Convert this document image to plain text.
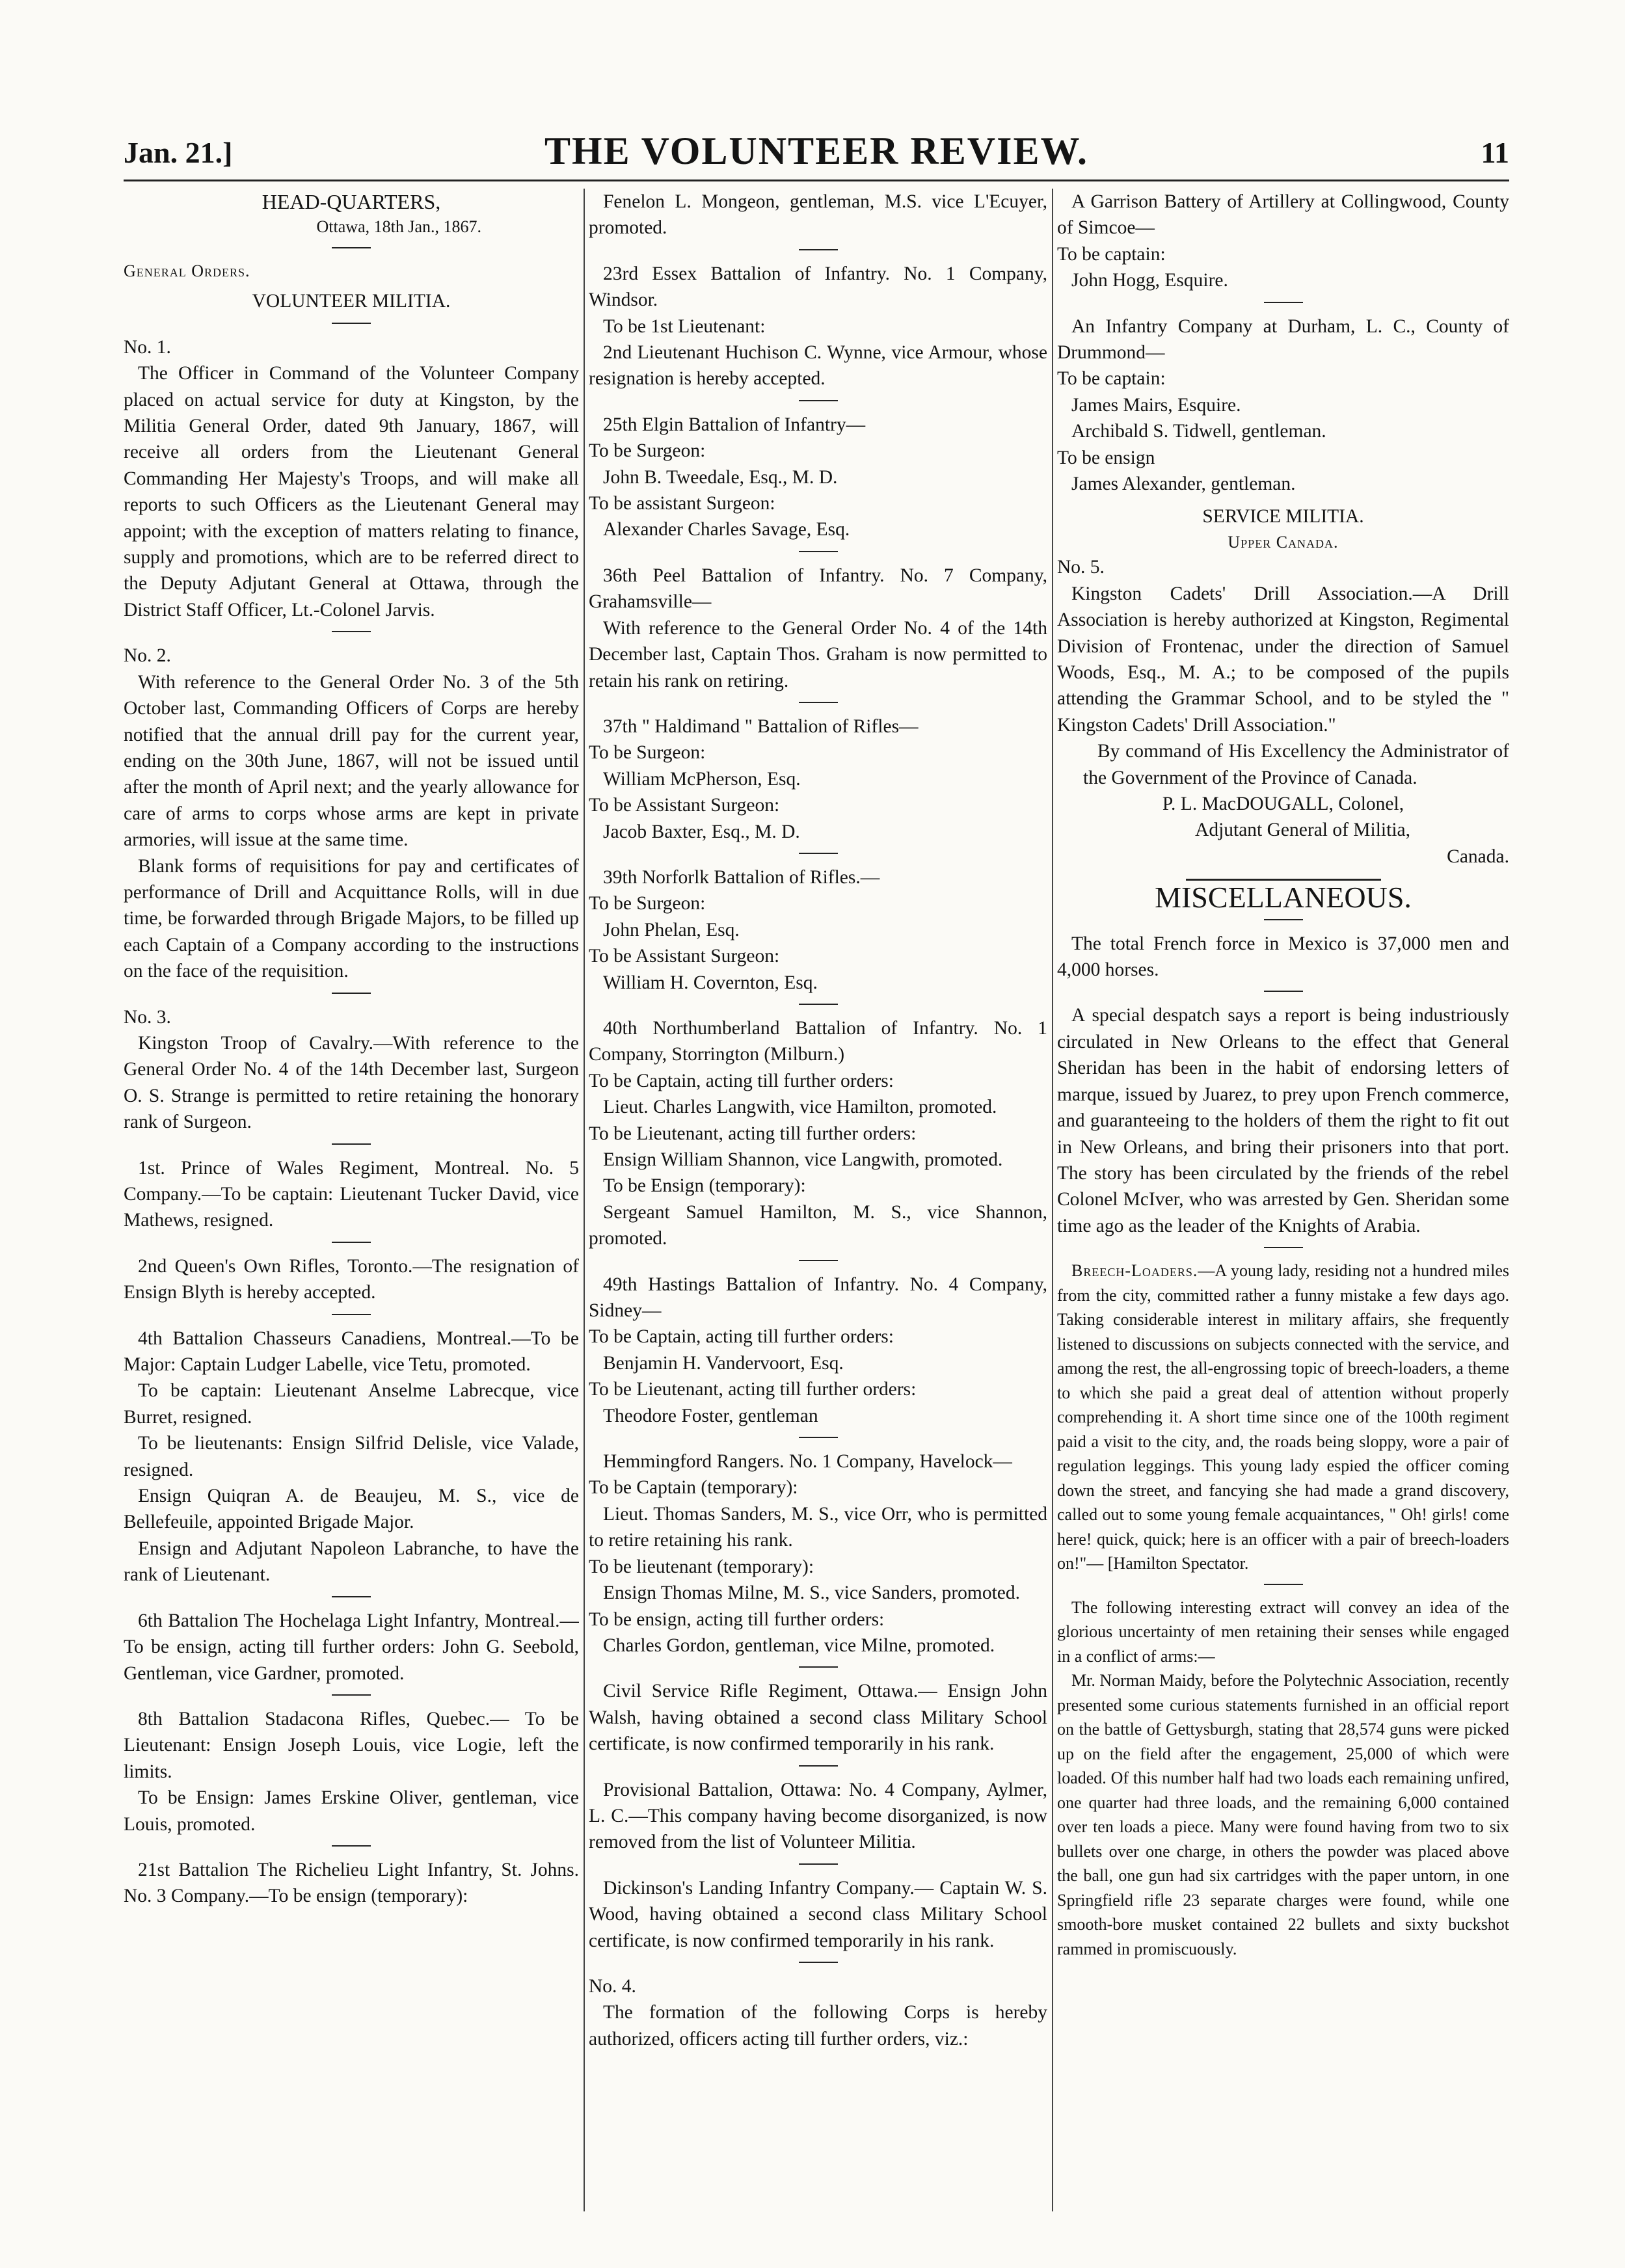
Jan. 21.]	THE VOLUNTEER REVIEW.	11

HEAD-QUARTERS,

Ottawa, 18th Jan., 1867.

General Orders.

VOLUNTEER MILITIA.

No. 1.

The Officer in Command of the Volunteer Company placed on actual service for duty at Kingston, by the Militia General Order, dated 9th January, 1867, will receive all orders from the Lieutenant General Commanding Her Majesty's Troops, and will make all reports to such Officers as the Lieutenant General may appoint; with the exception of matters relating to finance, supply and promotions, which are to be referred direct to the Deputy Adjutant General at Ottawa, through the District Staff Officer, Lt.-Colonel Jarvis.

No. 2.

With reference to the General Order No. 3 of the 5th October last, Commanding Officers of Corps are hereby notified that the annual drill pay for the current year, ending on the 30th June, 1867, will not be issued until after the month of April next; and the yearly allowance for care of arms to corps whose arms are kept in private armories, will issue at the same time.

Blank forms of requisitions for pay and certificates of performance of Drill and Acquittance Rolls, will in due time, be forwarded through Brigade Majors, to be filled up each Captain of a Company according to the instructions on the face of the requisition.

No. 3.

Kingston Troop of Cavalry.—With reference to the General Order No. 4 of the 14th December last, Surgeon O. S. Strange is permitted to retire retaining the honorary rank of Surgeon.

1st. Prince of Wales Regiment, Montreal. No. 5 Company.—To be captain: Lieutenant Tucker David, vice Mathews, resigned.

2nd Queen's Own Rifles, Toronto.—The resignation of Ensign Blyth is hereby accepted.

4th Battalion Chasseurs Canadiens, Montreal.—To be Major: Captain Ludger Labelle, vice Tetu, promoted.

To be captain: Lieutenant Anselme Labrecque, vice Burret, resigned.

To be lieutenants: Ensign Silfrid Delisle, vice Valade, resigned.

Ensign Quiqran A. de Beaujeu, M. S., vice de Bellefeuile, appointed Brigade Major.

Ensign and Adjutant Napoleon Labranche, to have the rank of Lieutenant.

6th Battalion The Hochelaga Light Infantry, Montreal.—To be ensign, acting till further orders: John G. Seebold, Gentleman, vice Gardner, promoted.

8th Battalion Stadacona Rifles, Quebec.— To be Lieutenant: Ensign Joseph Louis, vice Logie, left the limits.

To be Ensign: James Erskine Oliver, gentleman, vice Louis, promoted.

21st Battalion The Richelieu Light Infantry, St. Johns. No. 3 Company.—To be ensign (temporary):

Fenelon L. Mongeon, gentleman, M.S. vice L'Ecuyer, promoted.

23rd Essex Battalion of Infantry. No. 1 Company, Windsor.

To be 1st Lieutenant:

2nd Lieutenant Huchison C. Wynne, vice Armour, whose resignation is hereby accepted.

25th Elgin Battalion of Infantry—

To be Surgeon:

John B. Tweedale, Esq., M. D.

To be assistant Surgeon:

Alexander Charles Savage, Esq.

36th Peel Battalion of Infantry. No. 7 Company, Grahamsville—

With reference to the General Order No. 4 of the 14th December last, Captain Thos. Graham is now permitted to retain his rank on retiring.

37th " Haldimand " Battalion of Rifles—

To be Surgeon:

William McPherson, Esq.

To be Assistant Surgeon:

Jacob Baxter, Esq., M. D.

39th Norforlk Battalion of Rifles.—

To be Surgeon:

John Phelan, Esq.

To be Assistant Surgeon:

William H. Covernton, Esq.

40th Northumberland Battalion of Infantry. No. 1 Company, Storrington (Milburn.)

To be Captain, acting till further orders:

Lieut. Charles Langwith, vice Hamilton, promoted.

To be Lieutenant, acting till further orders:

Ensign William Shannon, vice Langwith, promoted.

To be Ensign (temporary):

Sergeant Samuel Hamilton, M. S., vice Shannon, promoted.

49th Hastings Battalion of Infantry. No. 4 Company, Sidney—

To be Captain, acting till further orders:

Benjamin H. Vandervoort, Esq.

To be Lieutenant, acting till further orders:

Theodore Foster, gentleman

Hemmingford Rangers. No. 1 Company, Havelock—

To be Captain (temporary):

Lieut. Thomas Sanders, M. S., vice Orr, who is permitted to retire retaining his rank.

To be lieutenant (temporary):

Ensign Thomas Milne, M. S., vice Sanders, promoted.

To be ensign, acting till further orders:

Charles Gordon, gentleman, vice Milne, promoted.

Civil Service Rifle Regiment, Ottawa.— Ensign John Walsh, having obtained a second class Military School certificate, is now confirmed temporarily in his rank.

Provisional Battalion, Ottawa: No. 4 Company, Aylmer, L. C.—This company having become disorganized, is now removed from the list of Volunteer Militia.

Dickinson's Landing Infantry Company.— Captain W. S. Wood, having obtained a second class Military School certificate, is now confirmed temporarily in his rank.

No. 4.

The formation of the following Corps is hereby authorized, officers acting till further orders, viz.:

A Garrison Battery of Artillery at Collingwood, County of Simcoe—

To be captain:

John Hogg, Esquire.

An Infantry Company at Durham, L. C., County of Drummond—

To be captain:

James Mairs, Esquire.

Archibald S. Tidwell, gentleman.

To be ensign

James Alexander, gentleman.

SERVICE MILITIA.

Upper Canada.

No. 5.

Kingston Cadets' Drill Association.—A Drill Association is hereby authorized at Kingston, Regimental Division of Frontenac, under the direction of Samuel Woods, Esq., M. A.; to be composed of the pupils attending the Grammar School, and to be styled the " Kingston Cadets' Drill Association."

By command of His Excellency the Administrator of the Government of the Province of Canada.

P. L. MacDOUGALL, Colonel,

Adjutant General of Militia,

Canada.

MISCELLANEOUS.

The total French force in Mexico is 37,000 men and 4,000 horses.

A special despatch says a report is being industriously circulated in New Orleans to the effect that General Sheridan has been in the habit of endorsing letters of marque, issued by Juarez, to prey upon French commerce, and guaranteeing to the holders of them the right to fit out in New Orleans, and bring their prisoners into that port. The story has been circulated by the friends of the rebel Colonel McIver, who was arrested by Gen. Sheridan some time ago as the leader of the Knights of Arabia.

Breech-Loaders.—A young lady, residing not a hundred miles from the city, committed rather a funny mistake a few days ago. Taking considerable interest in military affairs, she frequently listened to discussions on subjects connected with the service, and among the rest, the all-engrossing topic of breech-loaders, a theme to which she paid a great deal of attention without properly comprehending it. A short time since one of the 100th regiment paid a visit to the city, and, the roads being sloppy, wore a pair of regulation leggings. This young lady espied the officer coming down the street, and fancying she had made a grand discovery, called out to some young female acquaintances, " Oh! girls! come here! quick, quick; here is an officer with a pair of breech-loaders on!"— [Hamilton Spectator.

The following interesting extract will convey an idea of the glorious uncertainty of men retaining their senses while engaged in a conflict of arms:—

Mr. Norman Maidy, before the Polytechnic Association, recently presented some curious statements furnished in an official report on the battle of Gettysburgh, stating that 28,574 guns were picked up on the field after the engagement, 25,000 of which were loaded. Of this number half had two loads each remaining unfired, one quarter had three loads, and the remaining 6,000 contained over ten loads a piece. Many were found having from two to six bullets over one charge, in others the powder was placed above the ball, one gun had six cartridges with the paper untorn, in one Springfield rifle 23 separate charges were found, while one smooth-bore musket contained 22 bullets and sixty buckshot rammed in promiscuously.
